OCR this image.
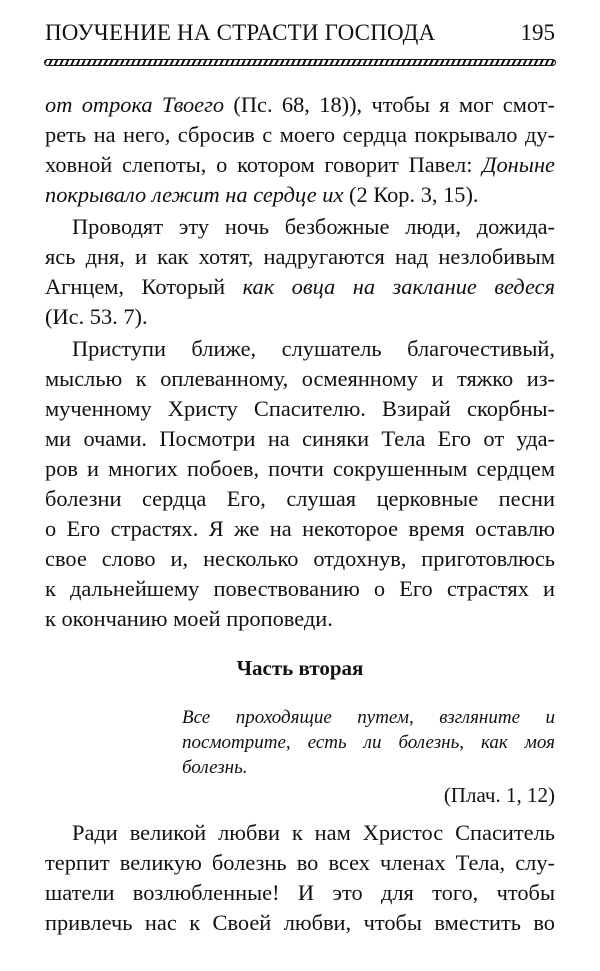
ПОУЧЕНИЕ НА СТРАСТИ ГОСПОДА	195
от отрока Твоего (Пс. 68, 18)), чтобы я мог смот-
реть на него, сбросив с моего сердца покрывало ду-
ховной слепоты, о котором говорит Павел: Доныне
покрывало лежит на сердце их (2 Кор. 3, 15).
Проводят эту ночь безбожные люди, дожида-
ясь дня, и как хотят, надругаются над незлобивым
Агнцем, Который как овца на заклание ведеся
(Ис. 53. 7).
Приступи ближе, слушатель благочестивый,
мыслью к оплеванному, осмеянному и тяжко из-
мученному Христу Спасителю. Взирай скорбны-
ми очами. Посмотри на синяки Тела Его от уда-
ров и многих побоев, почти сокрушенным сердцем
болезни сердца Его, слушая церковные песни
о Его страстях. Я же на некоторое время оставлю
свое слово и, несколько отдохнув, приготовлюсь
к дальнейшему повествованию о Его страстях и
к окончанию моей проповеди.
Часть вторая
Все проходящие путем, взгляните и
посмотрите, есть ли болезнь, как моя
болезнь.
(Плач. 1, 12)
Ради великой любви к нам Христос Спаситель
терпит великую болезнь во всех членах Тела, слу-
шатели возлюбленные! И это для того, чтобы
привлечь нас к Своей любви, чтобы вместить во
